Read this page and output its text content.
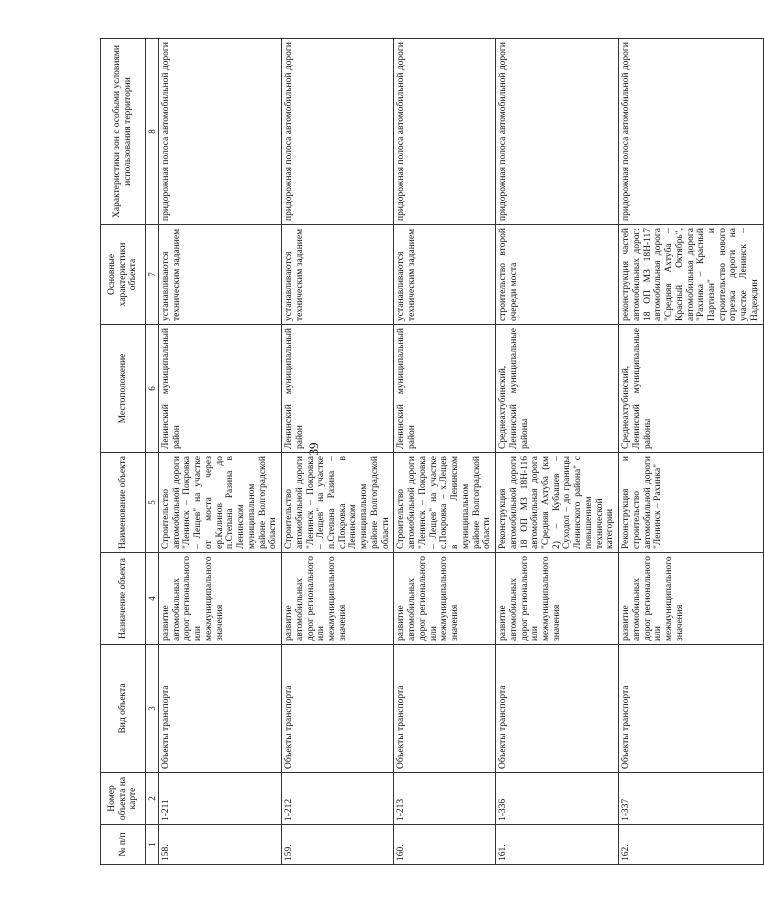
39
№ п/п	Номер объекта на карте	Вид объекта	Назначение объекта	Наименование объекта	Местоположение	Основные характеристики объекта	Характеристики зон с особыми условиями использования территории
1	2	3	4	5	6	7	8
158.	1-211	Объекты транспорта	развитие автомобильных дорог регионального или межмуниципального значения	Строительство автомобильной дороги "Ленинск – Покровка – Лещев" на участке от моста через ер.Калинов до п.Степана Разина в Ленинском муниципальном районе Волгоградской области	Ленинский муниципальный район	устанавливаются техническим заданием	придорожная полоса автомобильной дороги
159.	1-212	Объекты транспорта	развитие автомобильных дорог регионального или межмуниципального значения	Строительство автомобильной дороги "Ленинск – Покровка – Лещев" на участке п.Степана Разина – с.Покровка в Ленинском муниципальном районе Волгоградской области	Ленинский муниципальный район	устанавливаются техническим заданием	придорожная полоса автомобильной дороги
160.	1-213	Объекты транспорта	развитие автомобильных дорог регионального или межмуниципального значения	Строительство автомобильной дороги "Ленинск – Покровка – Лещев" на участке с.Покровка – х.Лещев в Ленинском муниципальном районе Волгоградской области	Ленинский муниципальный район	устанавливаются техническим заданием	придорожная полоса автомобильной дороги
161.	1-336	Объекты транспорта	развитие автомобильных дорог регионального или межмуниципального значения	Реконструкция автомобильной дороги 18 ОП МЗ 18Н-116 автомобильная дорога "Средняя Ахтуба (км 2) – Кубышев – Суходол – до границы Ленинского района" с повышением технической категории	Среднеахтубинский, Ленинский муниципальные районы	строительство второй очереди моста	придорожная полоса автомобильной дороги
162.	1-337	Объекты транспорта	развитие автомобильных дорог регионального или межмуниципального значения	Реконструкция и строительство автомобильной дороги "Ленинск – Рахинка"	Среднеахтубинский, Ленинский муниципальные районы	реконструкция частей автомобильных дорог: 18 ОП МЗ 18Н-117 автомобильная дорога "Средняя Ахтуба – Красный Октябрь", автомобильная дорога "Рахинка – Красный Партизан" и строительство нового отрезка дороги на участке Ленинск – Надеждин	придорожная полоса автомобильной дороги
